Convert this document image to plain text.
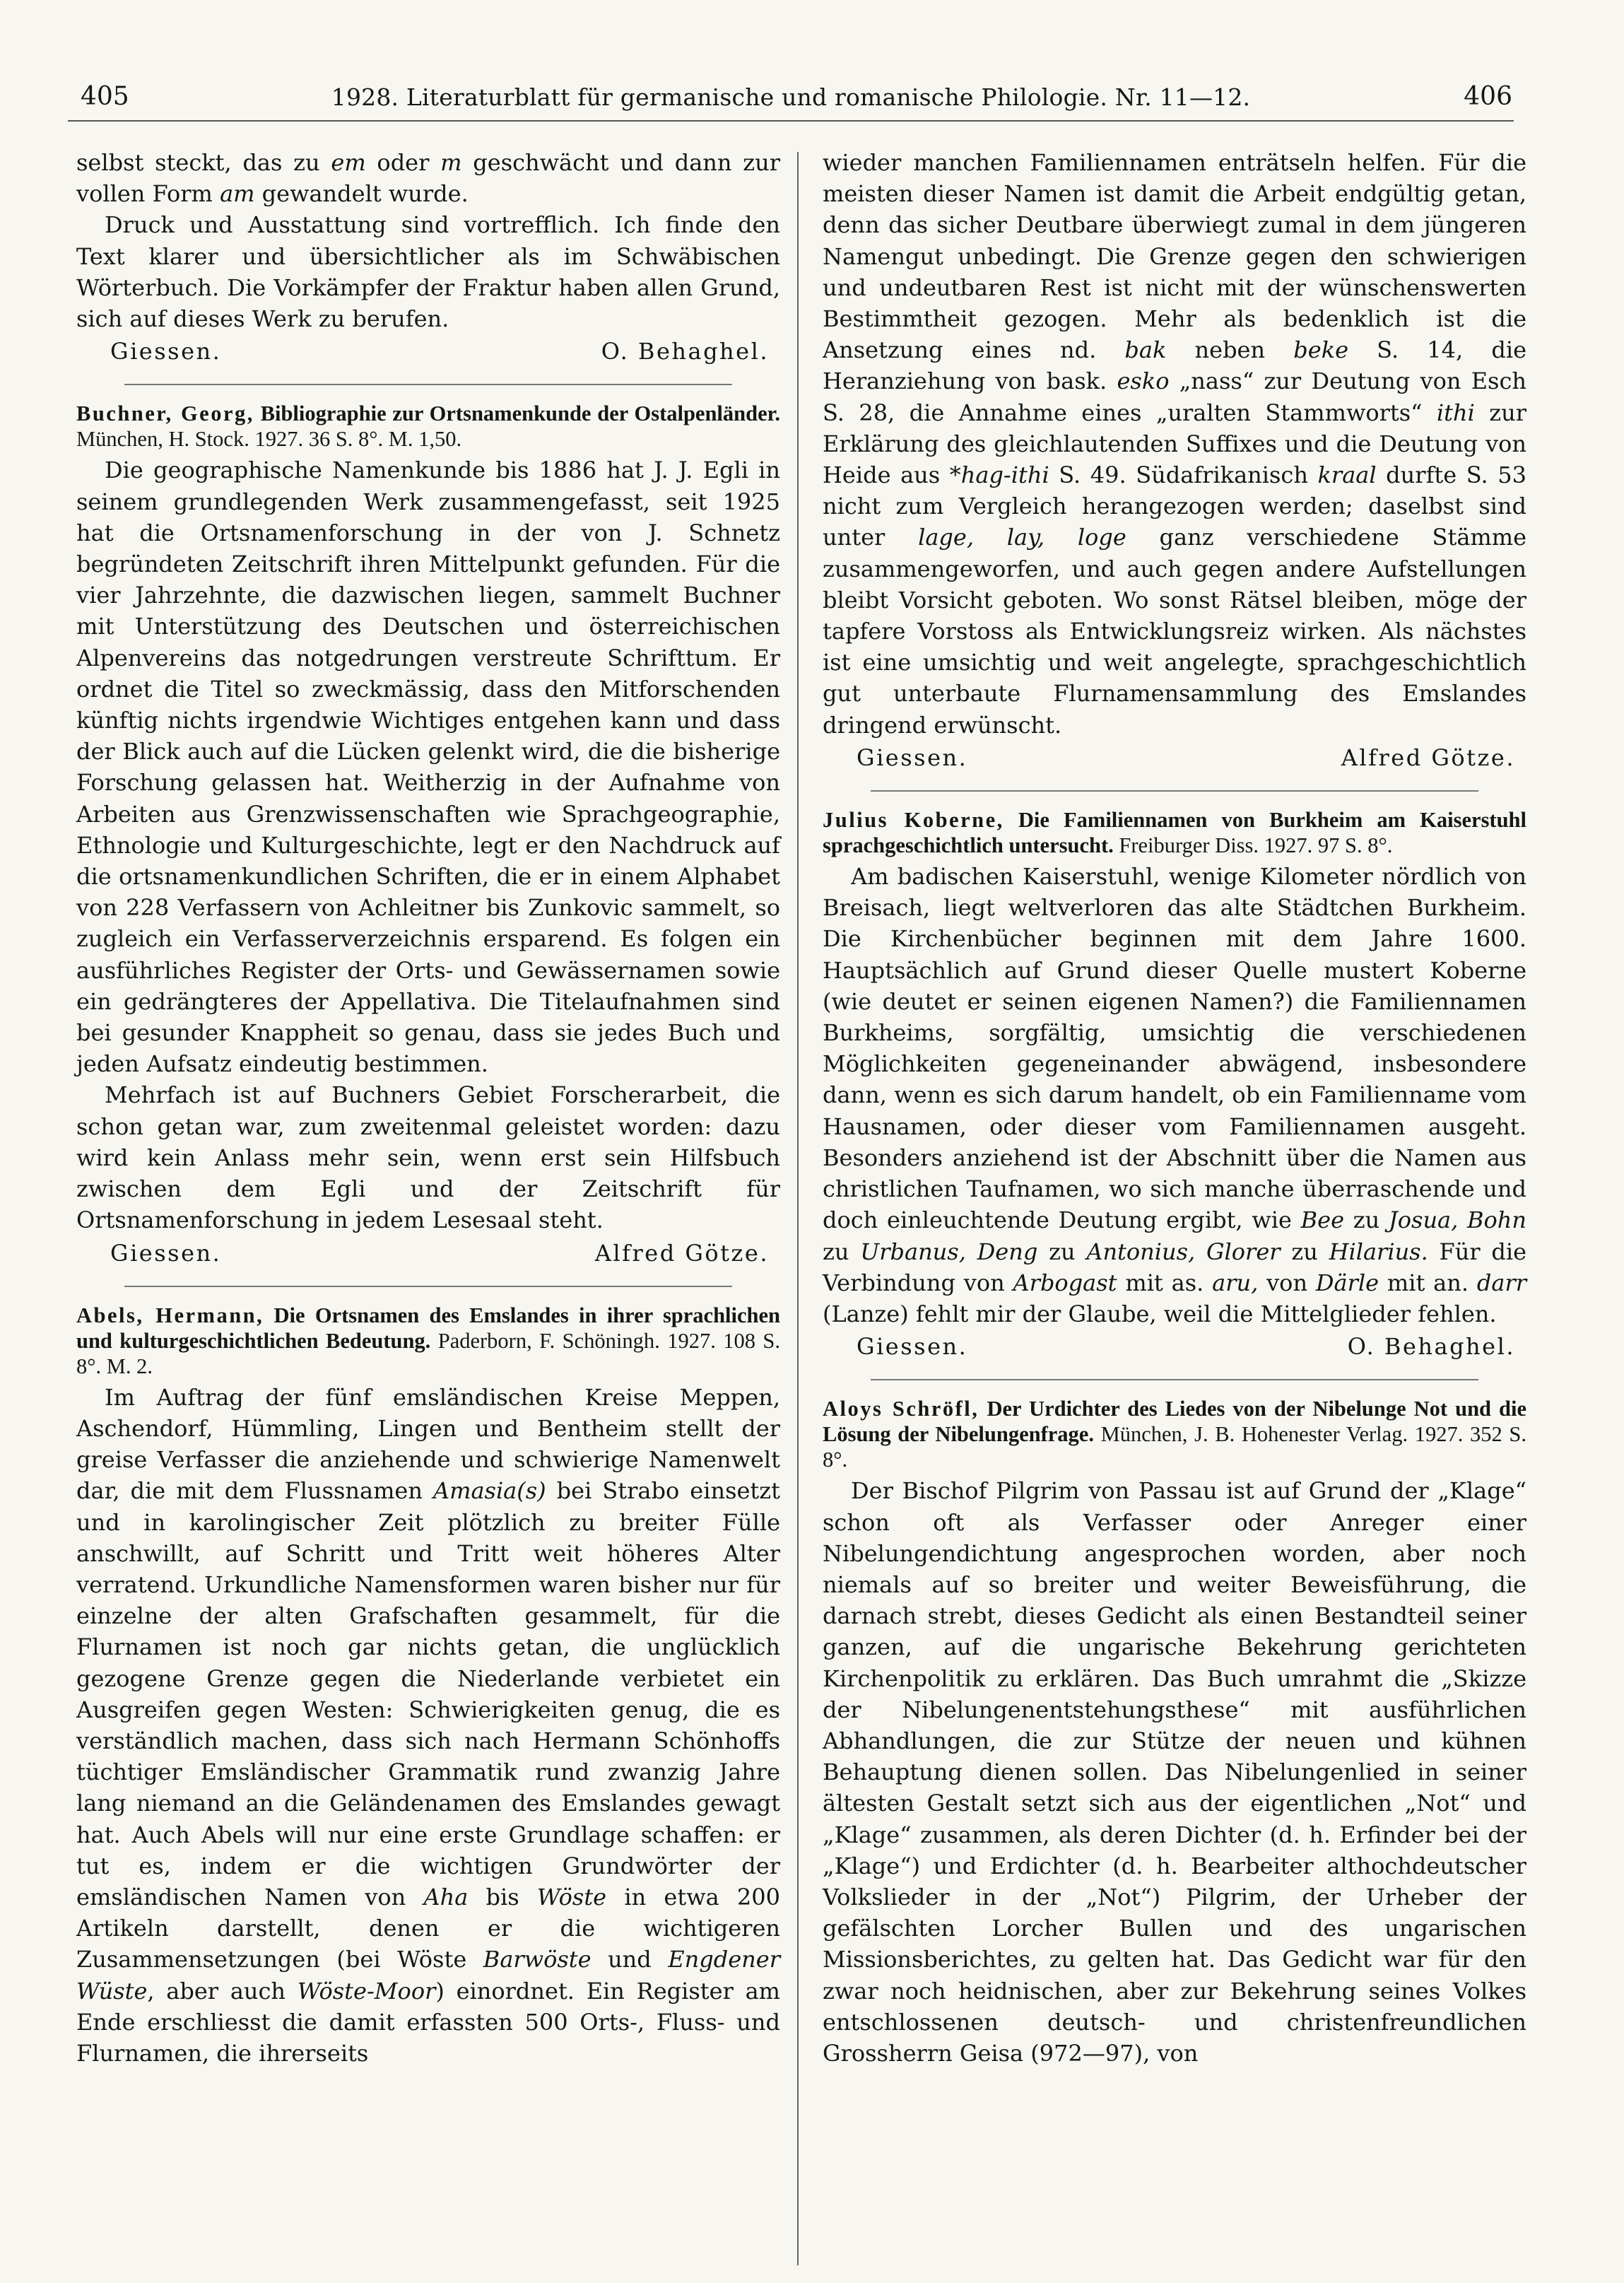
405	1928. Literaturblatt für germanische und romanische Philologie. Nr. 11—12.	406

selbst steckt, das zu em oder m geschwächt und dann zur vollen Form am gewandelt wurde.

Druck und Ausstattung sind vortrefflich. Ich finde den Text klarer und übersichtlicher als im Schwäbischen Wörterbuch. Die Vorkämpfer der Fraktur haben allen Grund, sich auf dieses Werk zu berufen.

Giessen.	O. Behaghel.

Buchner, Georg, Bibliographie zur Ortsnamenkunde der Ostalpenländer. München, H. Stock. 1927. 36 S. 8°. M. 1,50.

Die geographische Namenkunde bis 1886 hat J. J. Egli in seinem grundlegenden Werk zusammengefasst, seit 1925 hat die Ortsnamenforschung in der von J. Schnetz begründeten Zeitschrift ihren Mittelpunkt gefunden. Für die vier Jahrzehnte, die dazwischen liegen, sammelt Buchner mit Unterstützung des Deutschen und österreichischen Alpenvereins das notgedrungen verstreute Schrifttum. Er ordnet die Titel so zweckmässig, dass den Mitforschenden künftig nichts irgendwie Wichtiges entgehen kann und dass der Blick auch auf die Lücken gelenkt wird, die die bisherige Forschung gelassen hat. Weitherzig in der Aufnahme von Arbeiten aus Grenzwissenschaften wie Sprachgeographie, Ethnologie und Kulturgeschichte, legt er den Nachdruck auf die ortsnamenkundlichen Schriften, die er in einem Alphabet von 228 Verfassern von Achleitner bis Zunkovic sammelt, so zugleich ein Verfasserverzeichnis ersparend. Es folgen ein ausführliches Register der Orts- und Gewässernamen sowie ein gedrängteres der Appellativa. Die Titelaufnahmen sind bei gesunder Knappheit so genau, dass sie jedes Buch und jeden Aufsatz eindeutig bestimmen.

Mehrfach ist auf Buchners Gebiet Forscherarbeit, die schon getan war, zum zweitenmal geleistet worden: dazu wird kein Anlass mehr sein, wenn erst sein Hilfsbuch zwischen dem Egli und der Zeitschrift für Ortsnamenforschung in jedem Lesesaal steht.

Giessen.	Alfred Götze.

Abels, Hermann, Die Ortsnamen des Emslandes in ihrer sprachlichen und kulturgeschichtlichen Bedeutung. Paderborn, F. Schöningh. 1927. 108 S. 8°. M. 2.

Im Auftrag der fünf emsländischen Kreise Meppen, Aschendorf, Hümmling, Lingen und Bentheim stellt der greise Verfasser die anziehende und schwierige Namenwelt dar, die mit dem Flussnamen Amasia(s) bei Strabo einsetzt und in karolingischer Zeit plötzlich zu breiter Fülle anschwillt, auf Schritt und Tritt weit höheres Alter verratend. Urkundliche Namensformen waren bisher nur für einzelne der alten Grafschaften gesammelt, für die Flurnamen ist noch gar nichts getan, die unglücklich gezogene Grenze gegen die Niederlande verbietet ein Ausgreifen gegen Westen: Schwierigkeiten genug, die es verständlich machen, dass sich nach Hermann Schönhoffs tüchtiger Emsländischer Grammatik rund zwanzig Jahre lang niemand an die Geländenamen des Emslandes gewagt hat. Auch Abels will nur eine erste Grundlage schaffen: er tut es, indem er die wichtigen Grundwörter der emsländischen Namen von Aha bis Wöste in etwa 200 Artikeln darstellt, denen er die wichtigeren Zusammensetzungen (bei Wöste Barwöste und Engdener Wüste, aber auch Wöste-Moor) einordnet. Ein Register am Ende erschliesst die damit erfassten 500 Orts-, Fluss- und Flurnamen, die ihrerseits

wieder manchen Familiennamen enträtseln helfen. Für die meisten dieser Namen ist damit die Arbeit endgültig getan, denn das sicher Deutbare überwiegt zumal in dem jüngeren Namengut unbedingt. Die Grenze gegen den schwierigen und undeutbaren Rest ist nicht mit der wünschenswerten Bestimmtheit gezogen. Mehr als bedenklich ist die Ansetzung eines nd. bak neben beke S. 14, die Heranziehung von bask. esko „nass“ zur Deutung von Esch S. 28, die Annahme eines „uralten Stammworts“ ithi zur Erklärung des gleichlautenden Suffixes und die Deutung von Heide aus *hag-ithi S. 49. Südafrikanisch kraal durfte S. 53 nicht zum Vergleich herangezogen werden; daselbst sind unter lage, lay, loge ganz verschiedene Stämme zusammengeworfen, und auch gegen andere Aufstellungen bleibt Vorsicht geboten. Wo sonst Rätsel bleiben, möge der tapfere Vorstoss als Entwicklungsreiz wirken. Als nächstes ist eine umsichtig und weit angelegte, sprachgeschichtlich gut unterbaute Flurnamensammlung des Emslandes dringend erwünscht.

Giessen.	Alfred Götze.

Julius Koberne, Die Familiennamen von Burkheim am Kaiserstuhl sprachgeschichtlich untersucht. Freiburger Diss. 1927. 97 S. 8°.

Am badischen Kaiserstuhl, wenige Kilometer nördlich von Breisach, liegt weltverloren das alte Städtchen Burkheim. Die Kirchenbücher beginnen mit dem Jahre 1600. Hauptsächlich auf Grund dieser Quelle mustert Koberne (wie deutet er seinen eigenen Namen?) die Familiennamen Burkheims, sorgfältig, umsichtig die verschiedenen Möglichkeiten gegeneinander abwägend, insbesondere dann, wenn es sich darum handelt, ob ein Familienname vom Hausnamen, oder dieser vom Familiennamen ausgeht. Besonders anziehend ist der Abschnitt über die Namen aus christlichen Taufnamen, wo sich manche überraschende und doch einleuchtende Deutung ergibt, wie Bee zu Josua, Bohn zu Urbanus, Deng zu Antonius, Glorer zu Hilarius. Für die Verbindung von Arbogast mit as. aru, von Därle mit an. darr (Lanze) fehlt mir der Glaube, weil die Mittelglieder fehlen.

Giessen.	O. Behaghel.

Aloys Schröfl, Der Urdichter des Liedes von der Nibelunge Not und die Lösung der Nibelungenfrage. München, J. B. Hohenester Verlag. 1927. 352 S. 8°.

Der Bischof Pilgrim von Passau ist auf Grund der „Klage“ schon oft als Verfasser oder Anreger einer Nibelungendichtung angesprochen worden, aber noch niemals auf so breiter und weiter Beweisführung, die darnach strebt, dieses Gedicht als einen Bestandteil seiner ganzen, auf die ungarische Bekehrung gerichteten Kirchenpolitik zu erklären. Das Buch umrahmt die „Skizze der Nibelungenentstehungsthese“ mit ausführlichen Abhandlungen, die zur Stütze der neuen und kühnen Behauptung dienen sollen. Das Nibelungenlied in seiner ältesten Gestalt setzt sich aus der eigentlichen „Not“ und „Klage“ zusammen, als deren Dichter (d. h. Erfinder bei der „Klage“) und Erdichter (d. h. Bearbeiter althochdeutscher Volkslieder in der „Not“) Pilgrim, der Urheber der gefälschten Lorcher Bullen und des ungarischen Missionsberichtes, zu gelten hat. Das Gedicht war für den zwar noch heidnischen, aber zur Bekehrung seines Volkes entschlossenen deutsch- und christenfreundlichen Grossherrn Geisa (972—97), von
